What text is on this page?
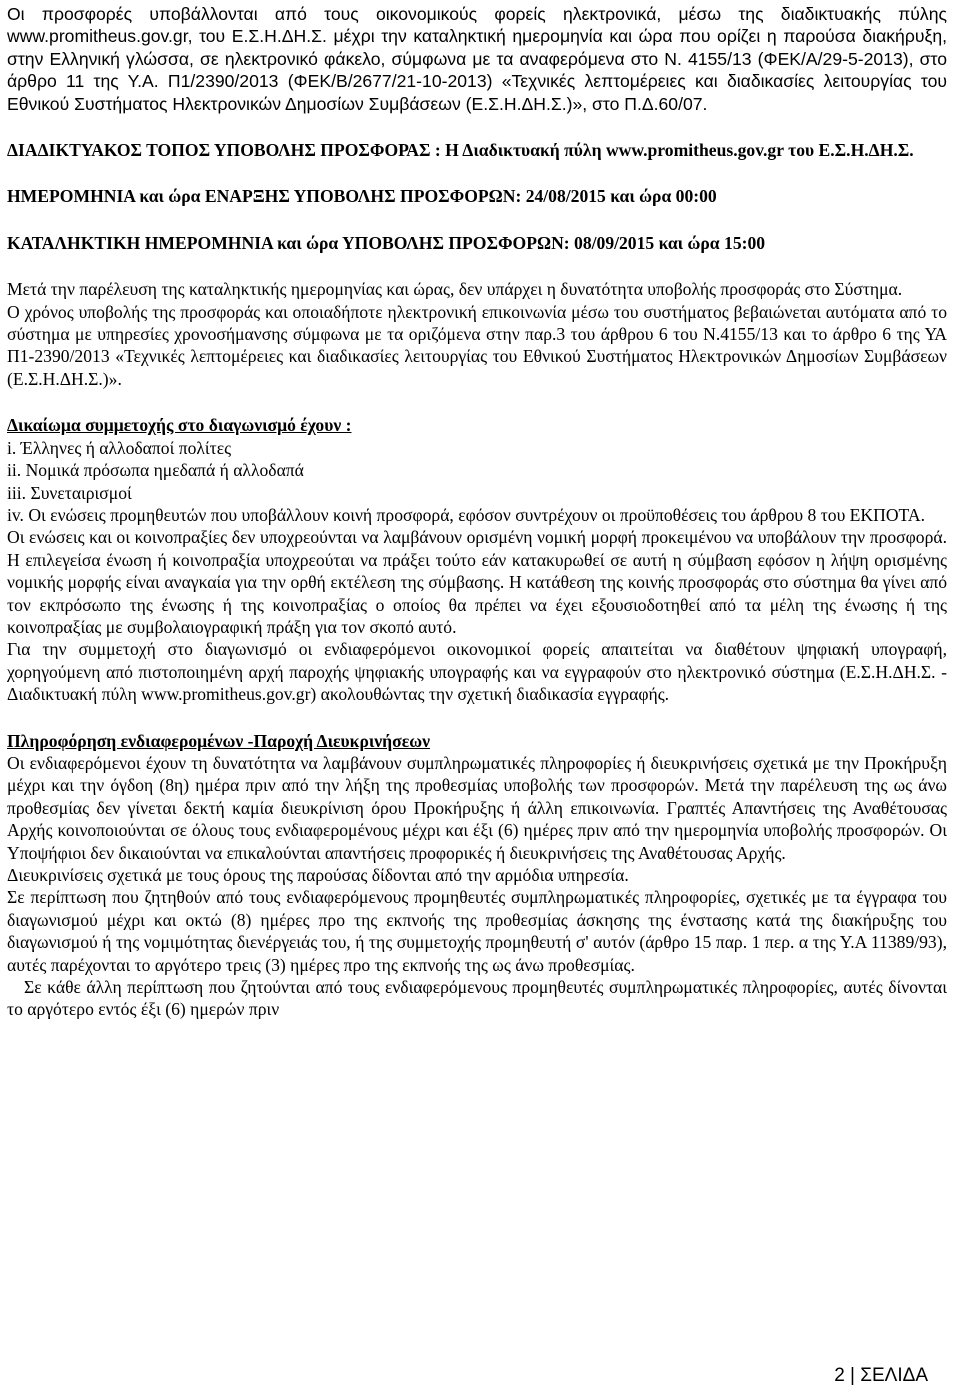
Οι προσφορές υποβάλλονται από τους οικονομικούς φορείς ηλεκτρονικά, μέσω της διαδικτυακής πύλης www.promitheus.gov.gr, του Ε.Σ.Η.ΔΗ.Σ. μέχρι την καταληκτική ημερομηνία και ώρα που ορίζει η παρούσα διακήρυξη, στην Ελληνική γλώσσα, σε ηλεκτρονικό φάκελο, σύμφωνα με τα αναφερόμενα στο Ν. 4155/13 (ΦΕΚ/Α/29-5-2013), στο άρθρο 11 της Υ.Α. Π1/2390/2013 (ΦΕΚ/Β/2677/21-10-2013) «Τεχνικές λεπτομέρειες και διαδικασίες λειτουργίας του Εθνικού Συστήματος Ηλεκτρονικών Δημοσίων Συμβάσεων (Ε.Σ.Η.ΔΗ.Σ.)», στο Π.Δ.60/07.

ΔΙΑΔΙΚΤΥΑΚΟΣ ΤΟΠΟΣ ΥΠΟΒΟΛΗΣ ΠΡΟΣΦΟΡΑΣ : Η Διαδικτυακή πύλη www.promitheus.gov.gr του Ε.Σ.Η.ΔΗ.Σ.

ΗΜΕΡΟΜΗΝΙΑ και ώρα ΕΝΑΡΞΗΣ ΥΠΟΒΟΛΗΣ ΠΡΟΣΦΟΡΩΝ: 24/08/2015 και ώρα 00:00

ΚΑΤΑΛΗΚΤΙΚΗ ΗΜΕΡΟΜΗΝΙΑ και ώρα ΥΠΟΒΟΛΗΣ ΠΡΟΣΦΟΡΩΝ: 08/09/2015 και ώρα 15:00

Μετά την παρέλευση της καταληκτικής ημερομηνίας και ώρας, δεν υπάρχει η δυνατότητα υποβολής προσφοράς στο Σύστημα.

Ο χρόνος υποβολής της προσφοράς και οποιαδήποτε ηλεκτρονική επικοινωνία μέσω του συστήματος βεβαιώνεται αυτόματα από το σύστημα με υπηρεσίες χρονοσήμανσης σύμφωνα με τα οριζόμενα στην παρ.3 του άρθρου 6 του Ν.4155/13 και το άρθρο 6 της ΥΑ Π1-2390/2013 «Τεχνικές λεπτομέρειες και διαδικασίες λειτουργίας του Εθνικού Συστήματος Ηλεκτρονικών Δημοσίων Συμβάσεων (Ε.Σ.Η.ΔΗ.Σ.)».

Δικαίωμα συμμετοχής στο διαγωνισμό έχουν :

i. Έλληνες ή αλλοδαποί πολίτες
ii. Νομικά πρόσωπα ημεδαπά ή αλλοδαπά
iii. Συνεταιρισμοί
iv. Οι ενώσεις προμηθευτών που υποβάλλουν κοινή προσφορά, εφόσον συντρέχουν οι προϋποθέσεις του άρθρου 8 του ΕΚΠΟΤΑ.

Οι ενώσεις και οι κοινοπραξίες δεν υποχρεούνται να λαμβάνουν ορισμένη νομική μορφή προκειμένου να υποβάλουν την προσφορά. Η επιλεγείσα ένωση ή κοινοπραξία υποχρεούται να πράξει τούτο εάν κατακυρωθεί σε αυτή η σύμβαση εφόσον η λήψη ορισμένης νομικής μορφής είναι αναγκαία για την ορθή εκτέλεση της σύμβασης. Η κατάθεση της κοινής προσφοράς στο σύστημα θα γίνει από τον εκπρόσωπο της ένωσης ή της κοινοπραξίας ο οποίος θα πρέπει να έχει εξουσιοδοτηθεί από τα μέλη της ένωσης ή της κοινοπραξίας με συμβολαιογραφική πράξη για τον σκοπό αυτό.

Για την συμμετοχή στο διαγωνισμό οι ενδιαφερόμενοι οικονομικοί φορείς απαιτείται να διαθέτουν ψηφιακή υπογραφή, χορηγούμενη από πιστοποιημένη αρχή παροχής ψηφιακής υπογραφής και να εγγραφούν στο ηλεκτρονικό σύστημα (Ε.Σ.Η.ΔΗ.Σ. - Διαδικτυακή πύλη www.promitheus.gov.gr) ακολουθώντας την σχετική διαδικασία εγγραφής.

Πληροφόρηση ενδιαφερομένων -Παροχή Διευκρινήσεων

Οι ενδιαφερόμενοι έχουν τη δυνατότητα να λαμβάνουν συμπληρωματικές πληροφορίες ή διευκρινήσεις σχετικά με την Προκήρυξη μέχρι και την όγδοη (8η) ημέρα πριν από την λήξη της προθεσμίας υποβολής των προσφορών. Μετά την παρέλευση της ως άνω προθεσμίας δεν γίνεται δεκτή καμία διευκρίνιση όρου Προκήρυξης ή άλλη επικοινωνία. Γραπτές Απαντήσεις της Αναθέτουσας Αρχής κοινοποιούνται σε όλους τους ενδιαφερομένους μέχρι και έξι (6) ημέρες πριν από την ημερομηνία υποβολής προσφορών. Οι Υποψήφιοι δεν δικαιούνται να επικαλούνται απαντήσεις προφορικές ή διευκρινήσεις της Αναθέτουσας Αρχής.

Διευκρινίσεις σχετικά με τους όρους της παρούσας δίδονται από την αρμόδια υπηρεσία.

Σε περίπτωση που ζητηθούν από τους ενδιαφερόμενους προμηθευτές συμπληρωματικές πληροφορίες, σχετικές με τα έγγραφα του διαγωνισμού μέχρι και οκτώ (8) ημέρες προ της εκπνοής της προθεσμίας άσκησης της ένστασης κατά της διακήρυξης του διαγωνισμού ή της νομιμότητας διενέργειάς του, ή της συμμετοχής προμηθευτή σ' αυτόν (άρθρο 15 παρ. 1 περ. α της Υ.Α 11389/93), αυτές παρέχονται το αργότερο τρεις (3) ημέρες προ της εκπνοής της ως άνω προθεσμίας.

Σε κάθε άλλη περίπτωση που ζητούνται από τους ενδιαφερόμενους προμηθευτές συμπληρωματικές πληροφορίες, αυτές δίνονται το αργότερο εντός έξι (6) ημερών πριν

2 | ΣΕΛΙΔΑ
